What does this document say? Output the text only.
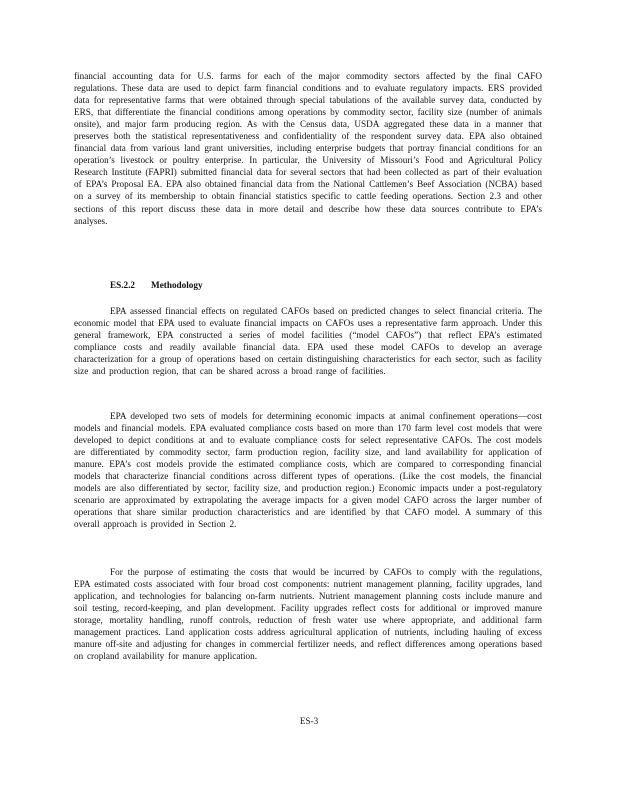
financial accounting data for U.S. farms for each of the major commodity sectors affected by the final CAFO regulations. These data are used to depict farm financial conditions and to evaluate regulatory impacts. ERS provided data for representative farms that were obtained through special tabulations of the available survey data, conducted by ERS, that differentiate the financial conditions among operations by commodity sector, facility size (number of animals onsite), and major farm producing region. As with the Census data, USDA aggregated these data in a manner that preserves both the statistical representativeness and confidentiality of the respondent survey data. EPA also obtained financial data from various land grant universities, including enterprise budgets that portray financial conditions for an operation’s livestock or poultry enterprise. In particular, the University of Missouri’s Food and Agricultural Policy Research Institute (FAPRI) submitted financial data for several sectors that had been collected as part of their evaluation of EPA’s Proposal EA. EPA also obtained financial data from the National Cattlemen’s Beef Association (NCBA) based on a survey of its membership to obtain financial statistics specific to cattle feeding operations. Section 2.3 and other sections of this report discuss these data in more detail and describe how these data sources contribute to EPA’s analyses.

ES.2.2 Methodology

EPA assessed financial effects on regulated CAFOs based on predicted changes to select financial criteria. The economic model that EPA used to evaluate financial impacts on CAFOs uses a representative farm approach. Under this general framework, EPA constructed a series of model facilities (“model CAFOs”) that reflect EPA’s estimated compliance costs and readily available financial data. EPA used these model CAFOs to develop an average characterization for a group of operations based on certain distinguishing characteristics for each sector, such as facility size and production region, that can be shared across a broad range of facilities.

EPA developed two sets of models for determining economic impacts at animal confinement operations—cost models and financial models. EPA evaluated compliance costs based on more than 170 farm level cost models that were developed to depict conditions at and to evaluate compliance costs for select representative CAFOs. The cost models are differentiated by commodity sector, farm production region, facility size, and land availability for application of manure. EPA’s cost models provide the estimated compliance costs, which are compared to corresponding financial models that characterize financial conditions across different types of operations. (Like the cost models, the financial models are also differentiated by sector, facility size, and production region.) Economic impacts under a post-regulatory scenario are approximated by extrapolating the average impacts for a given model CAFO across the larger number of operations that share similar production characteristics and are identified by that CAFO model. A summary of this overall approach is provided in Section 2.

For the purpose of estimating the costs that would be incurred by CAFOs to comply with the regulations, EPA estimated costs associated with four broad cost components: nutrient management planning, facility upgrades, land application, and technologies for balancing on-farm nutrients. Nutrient management planning costs include manure and soil testing, record-keeping, and plan development. Facility upgrades reflect costs for additional or improved manure storage, mortality handling, runoff controls, reduction of fresh water use where appropriate, and additional farm management practices. Land application costs address agricultural application of nutrients, including hauling of excess manure off-site and adjusting for changes in commercial fertilizer needs, and reflect differences among operations based on cropland availability for manure application.

ES-3
